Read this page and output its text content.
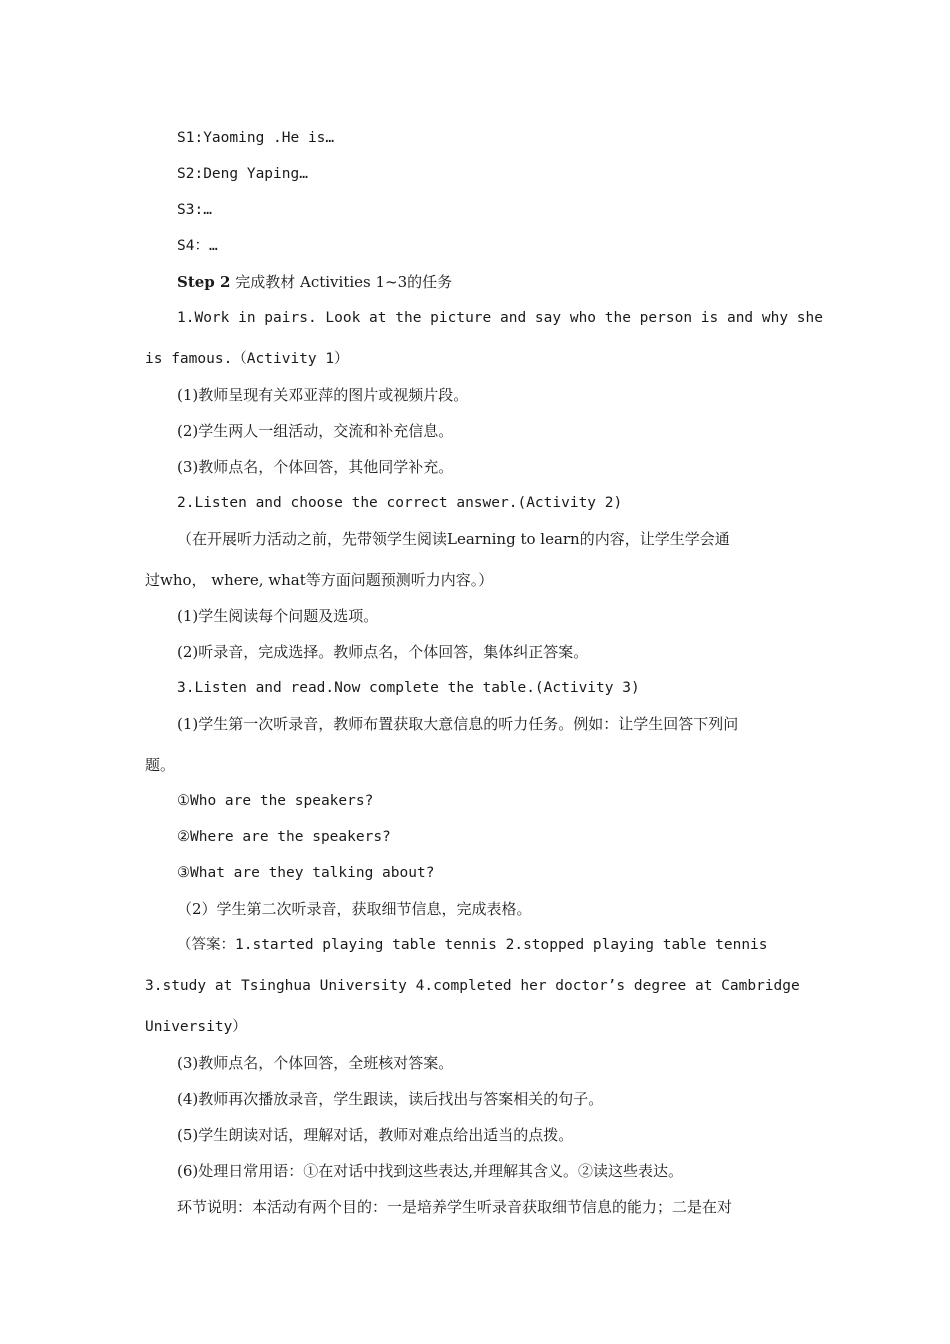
S1:Yaoming .He is…
S2:Deng Yaping…
S3:…
S4：…
Step 2 完成教材 Activities 1~3的任务
1.Work in pairs. Look at the picture and say who the person is and why she
is famous.（Activity 1）
(1)教师呈现有关邓亚萍的图片或视频片段。
(2)学生两人一组活动，交流和补充信息。
(3)教师点名，个体回答，其他同学补充。
2.Listen and choose the correct answer.(Activity 2)
（在开展听力活动之前，先带领学生阅读Learning to learn的内容，让学生学会通
过who， where, what等方面问题预测听力内容。）
(1)学生阅读每个问题及选项。
(2)听录音，完成选择。教师点名，个体回答，集体纠正答案。
3.Listen and read.Now complete the table.(Activity 3)
(1)学生第一次听录音，教师布置获取大意信息的听力任务。例如：让学生回答下列问
题。
①Who are the speakers?
②Where are the speakers?
③What are they talking about?
（2）学生第二次听录音，获取细节信息，完成表格。
（答案：1.started playing table tennis 2.stopped playing table tennis
3.study at Tsinghua University 4.completed her doctor’s degree at Cambridge
University）
(3)教师点名，个体回答，全班核对答案。
(4)教师再次播放录音，学生跟读，读后找出与答案相关的句子。
(5)学生朗读对话，理解对话，教师对难点给出适当的点拨。
(6)处理日常用语：①在对话中找到这些表达,并理解其含义。②读这些表达。
环节说明：本活动有两个目的：一是培养学生听录音获取细节信息的能力；二是在对
